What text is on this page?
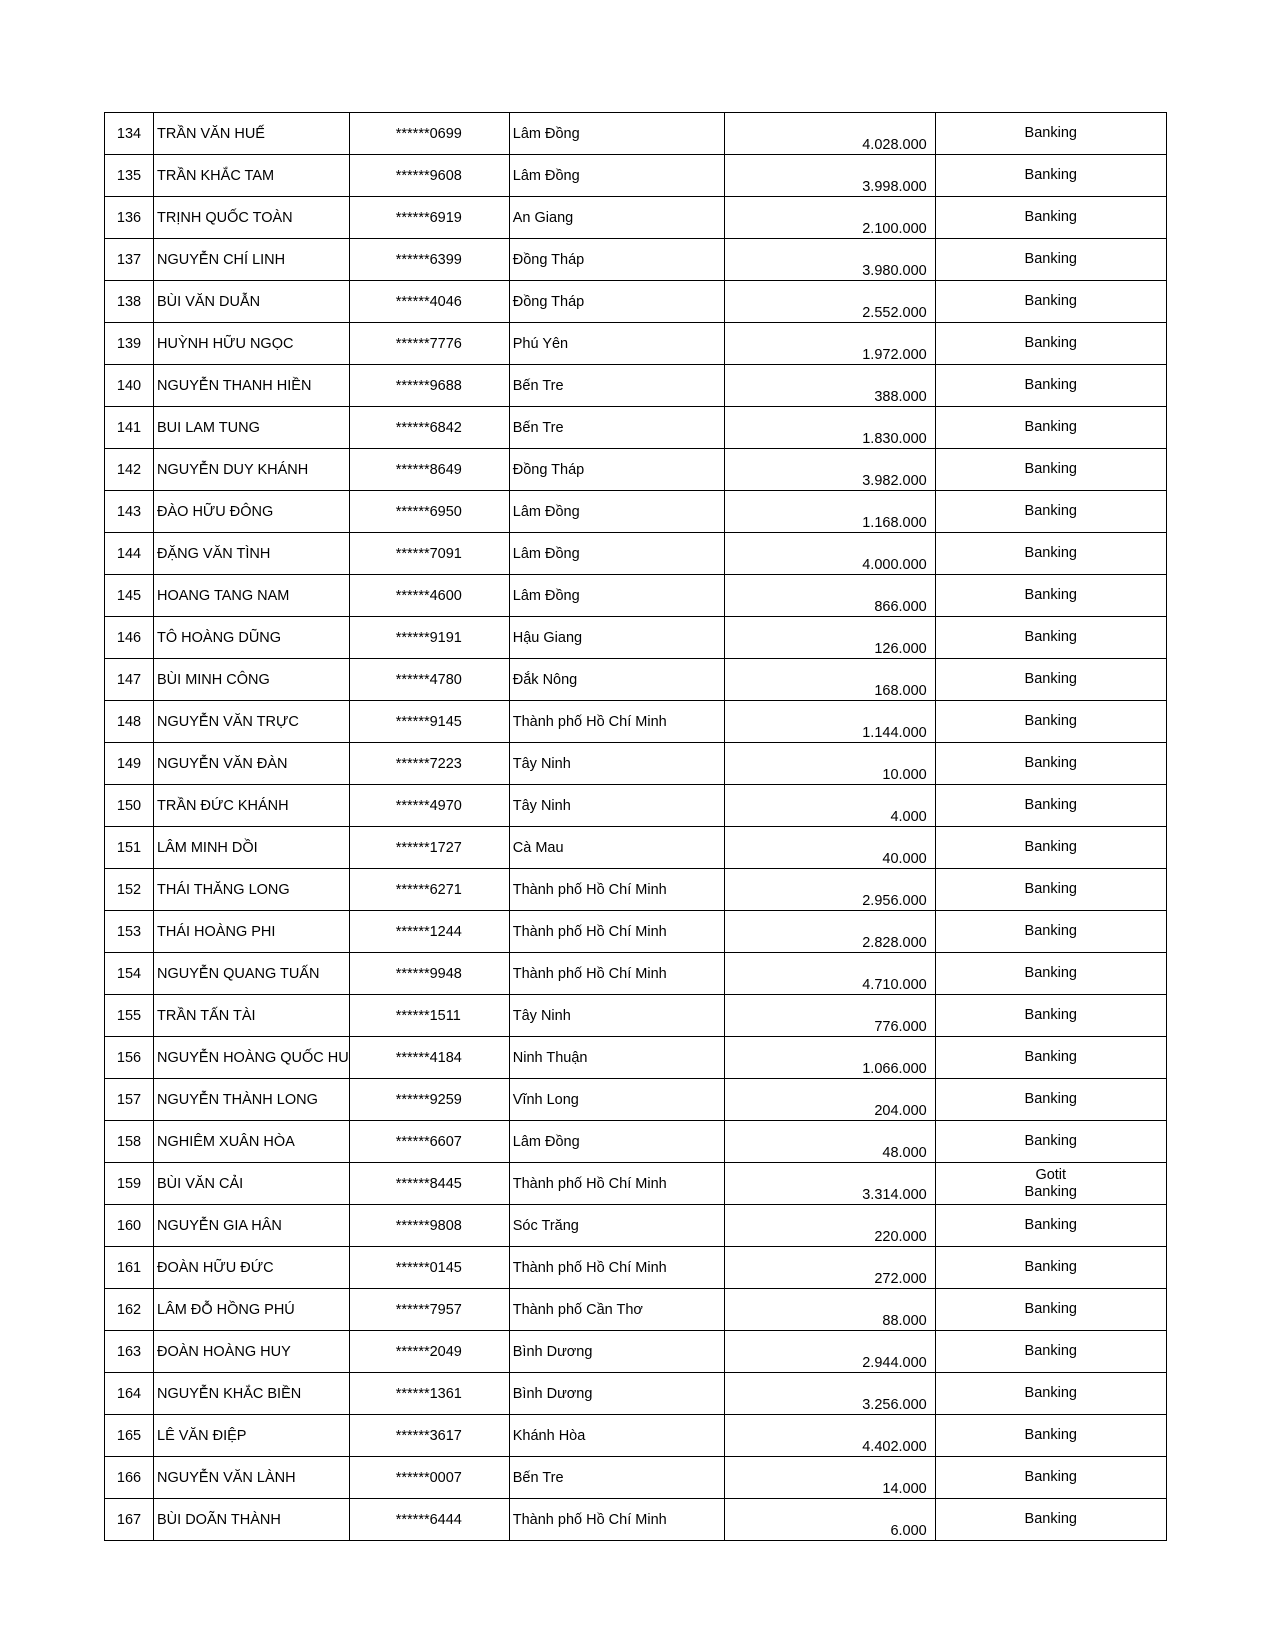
134	TRẦN VĂN HUẾ	******0699	Lâm Đồng	4.028.000	Banking

135	TRẦN KHẮC TAM	******9608	Lâm Đồng	3.998.000	Banking

136	TRỊNH QUỐC TOÀN	******6919	An Giang	2.100.000	Banking

137	NGUYỄN CHÍ LINH	******6399	Đồng Tháp	3.980.000	Banking

138	BÙI VĂN DUẪN	******4046	Đồng Tháp	2.552.000	Banking

139	HUỲNH HỮU NGỌC	******7776	Phú Yên	1.972.000	Banking

140	NGUYỄN THANH HIỀN	******9688	Bến Tre	388.000	Banking

141	BUI LAM TUNG	******6842	Bến Tre	1.830.000	Banking

142	NGUYỄN DUY KHÁNH	******8649	Đồng Tháp	3.982.000	Banking

143	ĐÀO HỮU ĐÔNG	******6950	Lâm Đồng	1.168.000	Banking

144	ĐẶNG VĂN TÌNH	******7091	Lâm Đồng	4.000.000	Banking

145	HOANG TANG NAM	******4600	Lâm Đồng	866.000	Banking

146	TÔ HOÀNG DŨNG	******9191	Hậu Giang	126.000	Banking

147	BÙI MINH CÔNG	******4780	Đắk Nông	168.000	Banking

148	NGUYỄN VĂN TRỰC	******9145	Thành phố Hồ Chí Minh	1.144.000	Banking

149	NGUYỄN VĂN ĐÀN	******7223	Tây Ninh	10.000	Banking

150	TRẦN ĐỨC KHÁNH	******4970	Tây Ninh	4.000	Banking

151	LÂM MINH DỒI	******1727	Cà Mau	40.000	Banking

152	THÁI THĂNG LONG	******6271	Thành phố Hồ Chí Minh	2.956.000	Banking

153	THÁI HOÀNG PHI	******1244	Thành phố Hồ Chí Minh	2.828.000	Banking

154	NGUYỄN QUANG TUẤN	******9948	Thành phố Hồ Chí Minh	4.710.000	Banking

155	TRẦN TẤN TÀI	******1511	Tây Ninh	776.000	Banking

156	NGUYỄN HOÀNG QUỐC HU	******4184	Ninh Thuận	1.066.000	Banking

157	NGUYỄN THÀNH LONG	******9259	Vĩnh Long	204.000	Banking

158	NGHIÊM XUÂN HÒA	******6607	Lâm Đồng	48.000	Banking

159	BÙI VĂN CẢI	******8445	Thành phố Hồ Chí Minh	3.314.000	Gotit
Banking

160	NGUYỄN GIA HÂN	******9808	Sóc Trăng	220.000	Banking

161	ĐOÀN HỮU ĐỨC	******0145	Thành phố Hồ Chí Minh	272.000	Banking

162	LÂM ĐỖ HỒNG PHÚ	******7957	Thành phố Cần Thơ	88.000	Banking

163	ĐOÀN HOÀNG HUY	******2049	Bình Dương	2.944.000	Banking

164	NGUYỄN KHẮC BIỀN	******1361	Bình Dương	3.256.000	Banking

165	LÊ VĂN ĐIỆP	******3617	Khánh Hòa	4.402.000	Banking

166	NGUYỄN VĂN LÀNH	******0007	Bến Tre	14.000	Banking

167	BÙI DOÃN THÀNH	******6444	Thành phố Hồ Chí Minh	6.000	Banking
